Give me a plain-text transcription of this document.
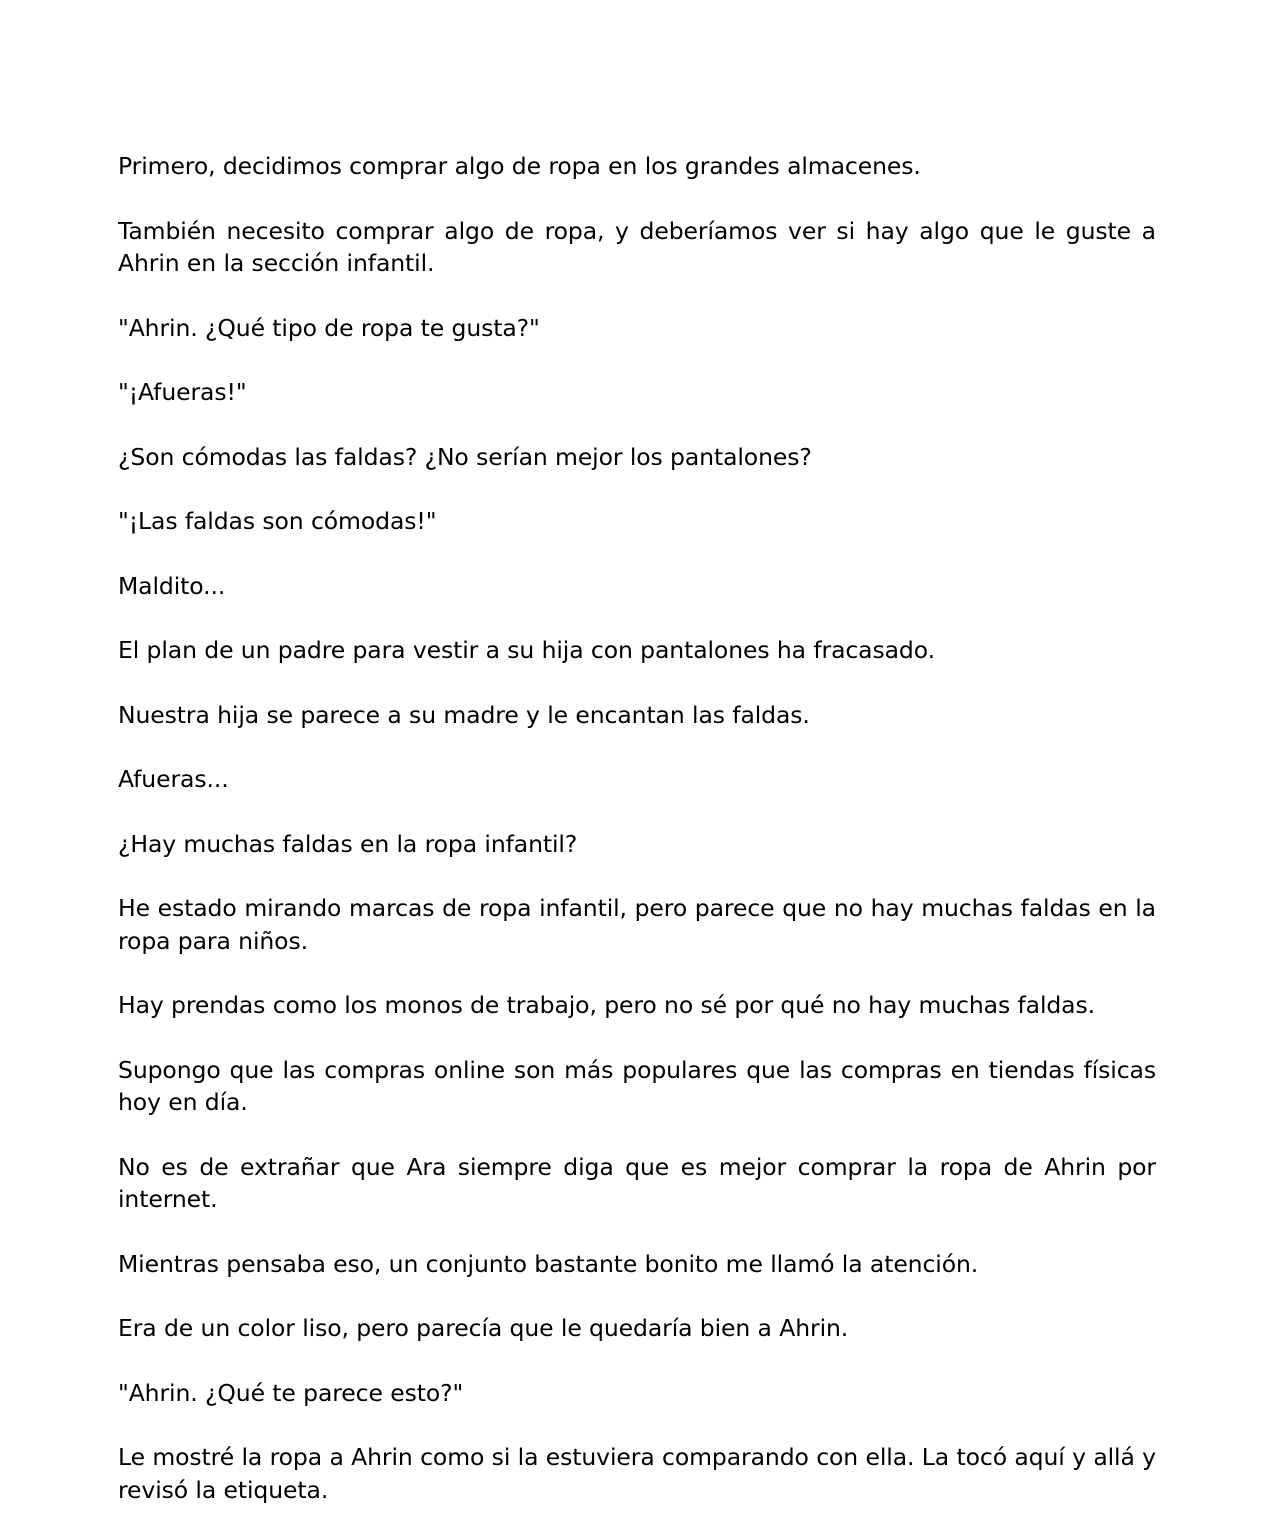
Primero, decidimos comprar algo de ropa en los grandes almacenes.

También necesito comprar algo de ropa, y deberíamos ver si hay algo que le guste a Ahrin en la sección infantil.

"Ahrin. ¿Qué tipo de ropa te gusta?"

"¡Afueras!"

¿Son cómodas las faldas? ¿No serían mejor los pantalones?

"¡Las faldas son cómodas!"

Maldito...

El plan de un padre para vestir a su hija con pantalones ha fracasado.

Nuestra hija se parece a su madre y le encantan las faldas.

Afueras...

¿Hay muchas faldas en la ropa infantil?

He estado mirando marcas de ropa infantil, pero parece que no hay muchas faldas en la ropa para niños.

Hay prendas como los monos de trabajo, pero no sé por qué no hay muchas faldas.

Supongo que las compras online son más populares que las compras en tiendas físicas hoy en día.

No es de extrañar que Ara siempre diga que es mejor comprar la ropa de Ahrin por internet.

Mientras pensaba eso, un conjunto bastante bonito me llamó la atención.

Era de un color liso, pero parecía que le quedaría bien a Ahrin.

"Ahrin. ¿Qué te parece esto?"

Le mostré la ropa a Ahrin como si la estuviera comparando con ella. La tocó aquí y allá y revisó la etiqueta.
